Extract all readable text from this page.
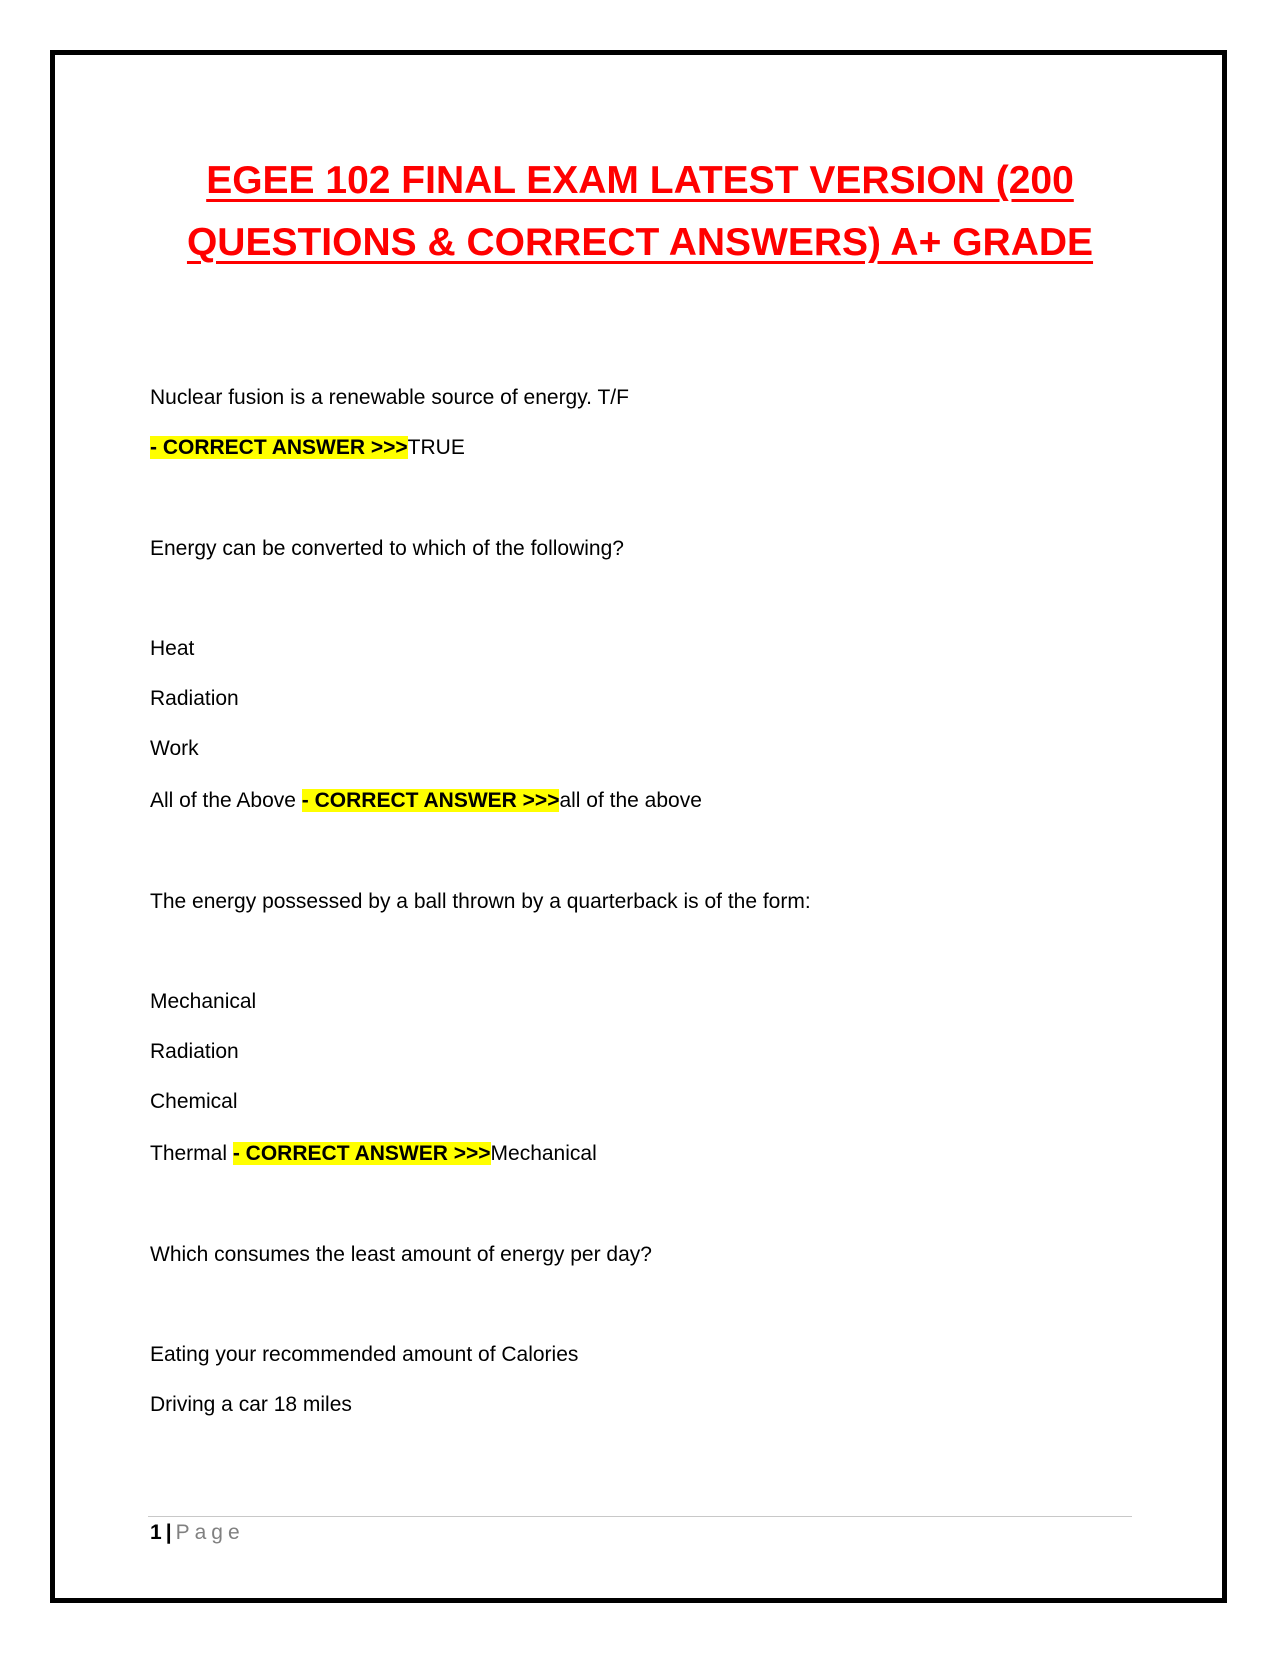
EGEE 102 FINAL EXAM LATEST VERSION (200
QUESTIONS & CORRECT ANSWERS) A+ GRADE
Nuclear fusion is a renewable source of energy. T/F
- CORRECT ANSWER >>>TRUE
Energy can be converted to which of the following?
Heat
Radiation
Work
All of the Above - CORRECT ANSWER >>>all of the above
The energy possessed by a ball thrown by a quarterback is of the form:
Mechanical
Radiation
Chemical
Thermal - CORRECT ANSWER >>>Mechanical
Which consumes the least amount of energy per day?
Eating your recommended amount of Calories
Driving a car 18 miles
1 | Page
